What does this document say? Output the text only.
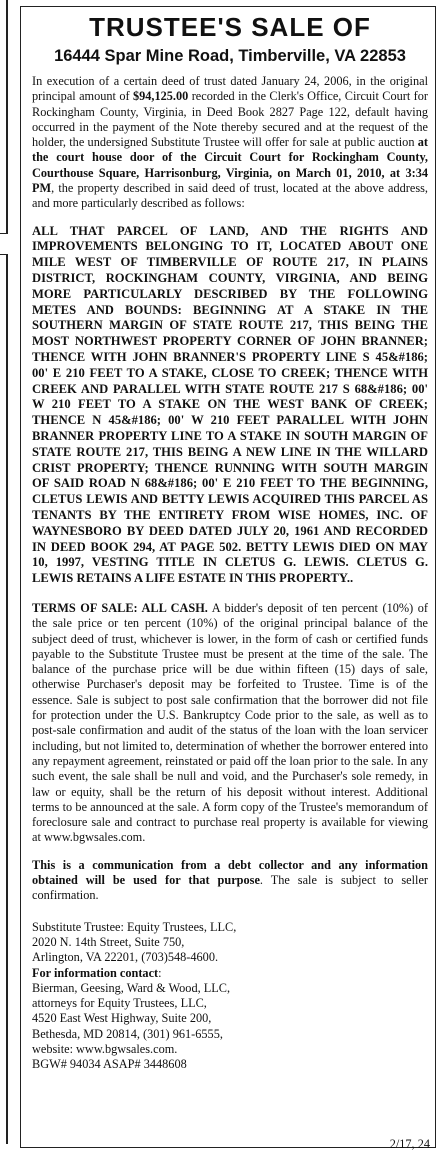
TRUSTEE'S SALE OF
16444 Spar Mine Road, Timberville, VA 22853

In execution of a certain deed of trust dated January 24, 2006, in the original principal amount of $94,125.00 recorded in the Clerk's Office, Circuit Court for Rockingham County, Virginia, in Deed Book 2827 Page 122, default having occurred in the payment of the Note thereby secured and at the request of the holder, the undersigned Substitute Trustee will offer for sale at public auction at the court house door of the Circuit Court for Rockingham County, Courthouse Square, Harrisonburg, Virginia, on March 01, 2010, at 3:34 PM, the property described in said deed of trust, located at the above address, and more particularly described as follows:

ALL THAT PARCEL OF LAND, AND THE RIGHTS AND IMPROVEMENTS BELONGING TO IT, LOCATED ABOUT ONE MILE WEST OF TIMBERVILLE OF ROUTE 217, IN PLAINS DISTRICT, ROCKINGHAM COUNTY, VIRGINIA, AND BEING MORE PARTICULARLY DESCRIBED BY THE FOLLOWING METES AND BOUNDS: BEGINNING AT A STAKE IN THE SOUTHERN MARGIN OF STATE ROUTE 217, THIS BEING THE MOST NORTHWEST PROPERTY CORNER OF JOHN BRANNER; THENCE WITH JOHN BRANNER'S PROPERTY LINE S 45&#186; 00' E 210 FEET TO A STAKE, CLOSE TO CREEK; THENCE WITH CREEK AND PARALLEL WITH STATE ROUTE 217 S 68&#186; 00' W 210 FEET TO A STAKE ON THE WEST BANK OF CREEK; THENCE N 45&#186; 00' W 210 FEET PARALLEL WITH JOHN BRANNER PROPERTY LINE TO A STAKE IN SOUTH MARGIN OF STATE ROUTE 217, THIS BEING A NEW LINE IN THE WILLARD CRIST PROPERTY; THENCE RUNNING WITH SOUTH MARGIN OF SAID ROAD N 68&#186; 00' E 210 FEET TO THE BEGINNING, CLETUS LEWIS AND BETTY LEWIS ACQUIRED THIS PARCEL AS TENANTS BY THE ENTIRETY FROM WISE HOMES, INC. OF WAYNESBORO BY DEED DATED JULY 20, 1961 AND RECORDED IN DEED BOOK 294, AT PAGE 502. BETTY LEWIS DIED ON MAY 10, 1997, VESTING TITLE IN CLETUS G. LEWIS. CLETUS G. LEWIS RETAINS A LIFE ESTATE IN THIS PROPERTY..

TERMS OF SALE: ALL CASH. A bidder's deposit of ten percent (10%) of the sale price or ten percent (10%) of the original principal balance of the subject deed of trust, whichever is lower, in the form of cash or certified funds payable to the Substitute Trustee must be present at the time of the sale. The balance of the purchase price will be due within fifteen (15) days of sale, otherwise Purchaser's deposit may be forfeited to Trustee. Time is of the essence. Sale is subject to post sale confirmation that the borrower did not file for protection under the U.S. Bankruptcy Code prior to the sale, as well as to post-sale confirmation and audit of the status of the loan with the loan servicer including, but not limited to, determination of whether the borrower entered into any repayment agreement, reinstated or paid off the loan prior to the sale. In any such event, the sale shall be null and void, and the Purchaser's sole remedy, in law or equity, shall be the return of his deposit without interest. Additional terms to be announced at the sale. A form copy of the Trustee's memorandum of foreclosure sale and contract to purchase real property is available for viewing at www.bgwsales.com.

This is a communication from a debt collector and any information obtained will be used for that purpose. The sale is subject to seller confirmation.

Substitute Trustee: Equity Trustees, LLC,
2020 N. 14th Street, Suite 750,
Arlington, VA 22201, (703)548-4600.
For information contact:
Bierman, Geesing, Ward & Wood, LLC,
attorneys for Equity Trustees, LLC,
4520 East West Highway, Suite 200,
Bethesda, MD 20814, (301) 961-6555,
website: www.bgwsales.com.
BGW# 94034 ASAP# 3448608
2/17, 24
